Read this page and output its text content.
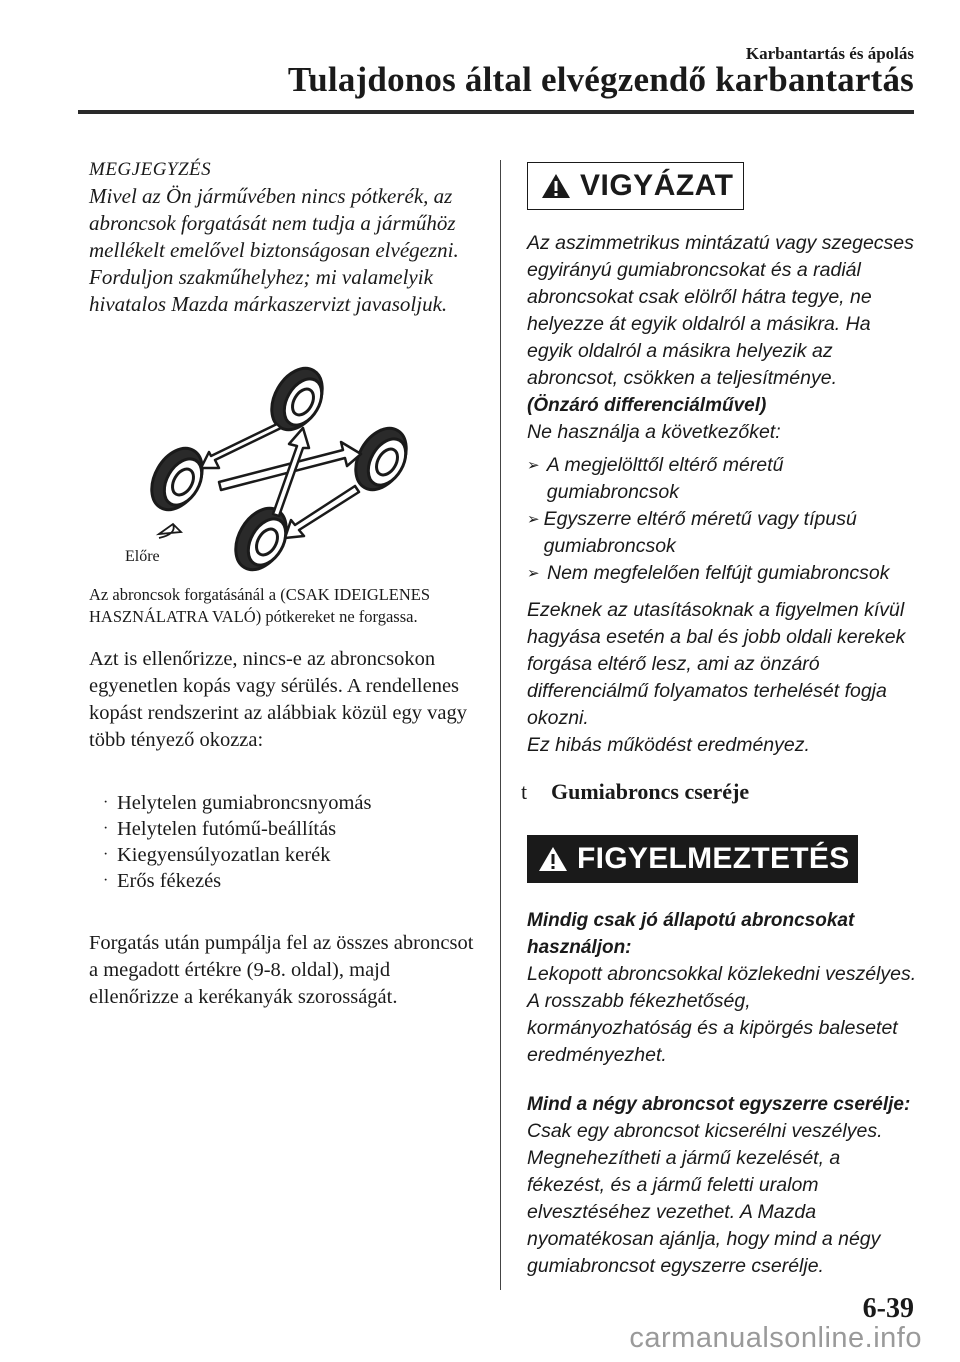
Karbantartás és ápolás
Tulajdonos által elvégzendő karbantartás
MEGJEGYZÉS
Mivel az Ön járművében nincs pótkerék, az abroncsok forgatását nem tudja a járműhöz mellékelt emelővel biztonságosan elvégezni. Forduljon szakműhelyhez; mi valamelyik hivatalos Mazda márkaszervizt javasoljuk.
Előre
Az abroncsok forgatásánál a (CSAK IDEIGLENES HASZNÁLATRA VALÓ) pótkereket ne forgassa.
Azt is ellenőrizze, nincs-e az abroncsokon egyenetlen kopás vagy sérülés. A rendellenes kopást rendszerint az alábbiak közül egy vagy több tényező okozza:
· Helytelen gumiabroncsnyomás
· Helytelen futómű-beállítás
· Kiegyensúlyozatlan kerék
· Erős fékezés
Forgatás után pumpálja fel az összes abroncsot a megadott értékre (9-8. oldal), majd ellenőrizze a kerékanyák szorosságát.
VIGYÁZAT
Az aszimmetrikus mintázatú vagy szegecses egyirányú gumiabroncsokat és a radiál abroncsokat csak elölről hátra tegye, ne helyezze át egyik oldalról a másikra. Ha egyik oldalról a másikra helyezik az abroncsot, csökken a teljesítménye.
(Önzáró differenciálművel)
Ne használja a következőket:
➢ A megjelölttől eltérő méretű gumiabroncsok
➢ Egyszerre eltérő méretű vagy típusú gumiabroncsok
➢ Nem megfelelően felfújt gumiabroncsok
Ezeknek az utasításoknak a figyelmen kívül hagyása esetén a bal és jobb oldali kerekek forgása eltérő lesz, ami az önzáró differenciálmű folyamatos terhelését fogja okozni.
Ez hibás működést eredményez.
t	Gumiabroncs cseréje
FIGYELMEZTETÉS
Mindig csak jó állapotú abroncsokat használjon:
Lekopott abroncsokkal közlekedni veszélyes. A rosszabb fékezhetőség, kormányozhatóság és a kipörgés balesetet eredményezhet.
Mind a négy abroncsot egyszerre cserélje:
Csak egy abroncsot kicserélni veszélyes. Megnehezítheti a jármű kezelését, a fékezést, és a jármű feletti uralom elvesztéséhez vezethet. A Mazda nyomatékosan ajánlja, hogy mind a négy gumiabroncsot egyszerre cserélje.
6-39
carmanualsonline.info
